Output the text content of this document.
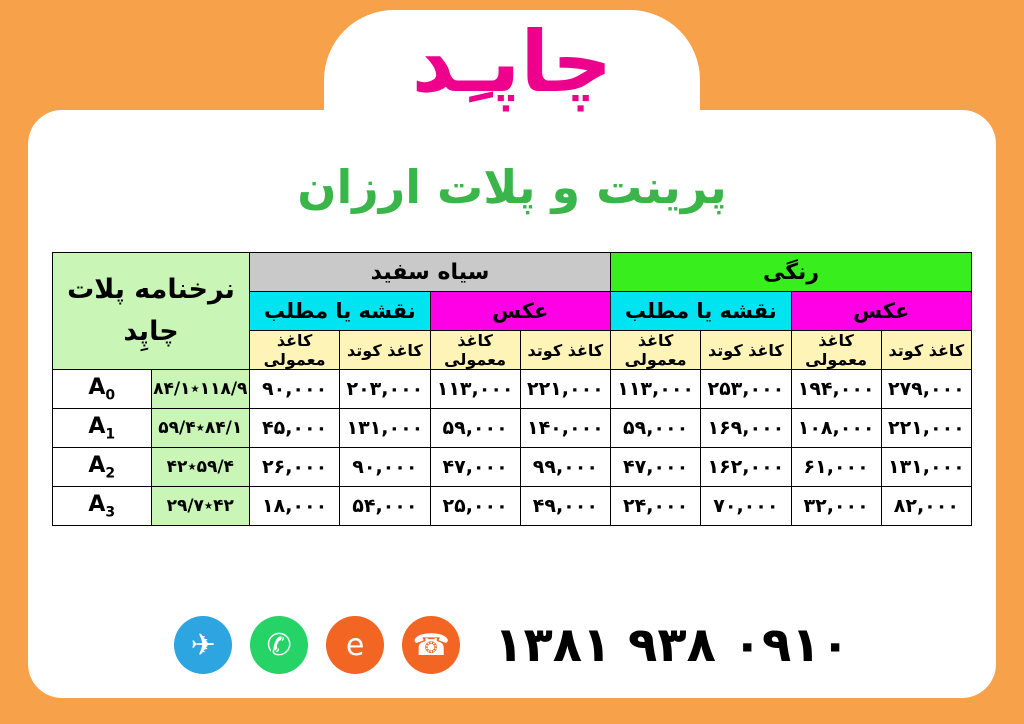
چاپـِد
پرینت و پلات ارزان
رنگی				سیاه سفید				نرخنامه پلات چاپِد	
عکس		نقشه یا مطلب		عکس		نقشه یا مطلب			
کاغذ کوتد	کاغذ معمولی	کاغذ کوتد	کاغذ معمولی	کاغذ کوتد	کاغذ معمولی	کاغذ کوتد	کاغذ معمولی		
۲۷۹,۰۰۰	۱۹۴,۰۰۰	۲۵۳,۰۰۰	۱۱۳,۰۰۰	۲۲۱,۰۰۰	۱۱۳,۰۰۰	۲۰۳,۰۰۰	۹۰,۰۰۰	۱۱۸/۹٭۸۴/۱	$A_0$
۲۲۱,۰۰۰	۱۰۸,۰۰۰	۱۶۹,۰۰۰	۵۹,۰۰۰	۱۴۰,۰۰۰	۵۹,۰۰۰	۱۳۱,۰۰۰	۴۵,۰۰۰	۸۴/۱٭۵۹/۴	$A_1$
۱۳۱,۰۰۰	۶۱,۰۰۰	۱۶۲,۰۰۰	۴۷,۰۰۰	۹۹,۰۰۰	۴۷,۰۰۰	۹۰,۰۰۰	۲۶,۰۰۰	۵۹/۴٭۴۲	$A_2$
۸۲,۰۰۰	۳۲,۰۰۰	۷۰,۰۰۰	۲۴,۰۰۰	۴۹,۰۰۰	۲۵,۰۰۰	۵۴,۰۰۰	۱۸,۰۰۰	۴۲٭۲۹/۷	$A_3$
✈	✆	e	☎ ۰۹۱۰ ۹۳۸ ۱۳۸۱
